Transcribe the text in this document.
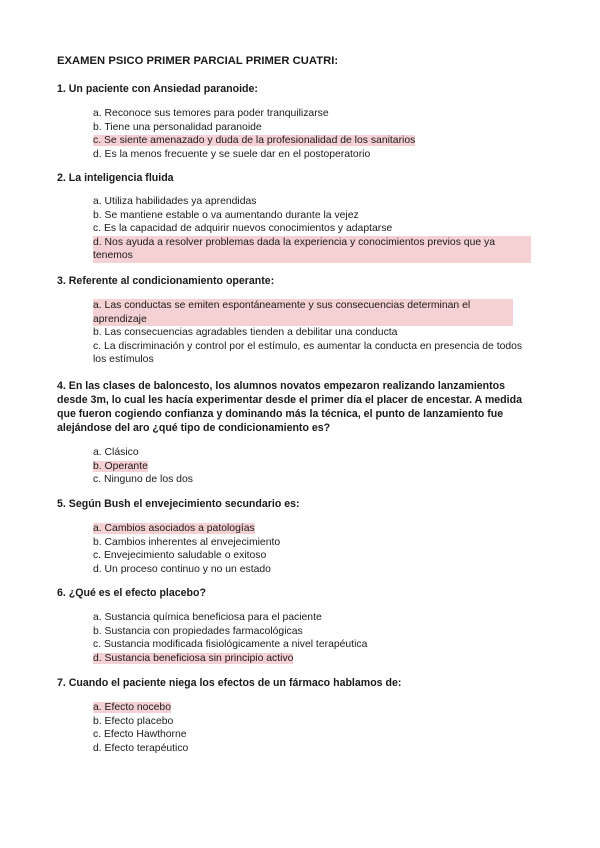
EXAMEN PSICO PRIMER PARCIAL PRIMER CUATRI:

1. Un paciente con Ansiedad paranoide:

a. Reconoce sus temores para poder tranquilizarse
b. Tiene una personalidad paranoide
c. Se siente amenazado y duda de la profesionalidad de los sanitarios
d. Es la menos frecuente y se suele dar en el postoperatorio

2. La inteligencia fluida

a. Utiliza habilidades ya aprendidas
b. Se mantiene estable o va aumentando durante la vejez
c. Es la capacidad de adquirir nuevos conocimientos y adaptarse
d. Nos ayuda a resolver problemas dada la experiencia y conocimientos previos que ya tenemos

3. Referente al condicionamiento operante:

a. Las conductas se emiten espontáneamente y sus consecuencias determinan el aprendizaje
b. Las consecuencias agradables tienden a debilitar una conducta
c. La discriminación y control por el estímulo, es aumentar la conducta en presencia de todos los estímulos

4. En las clases de baloncesto, los alumnos novatos empezaron realizando lanzamientos desde 3m, lo cual les hacía experimentar desde el primer día el placer de encestar. A medida que fueron cogiendo confianza y dominando más la técnica, el punto de lanzamiento fue alejándose del aro ¿qué tipo de condicionamiento es?

a. Clásico
b. Operante
c. Ninguno de los dos

5. Según Bush el envejecimiento secundario es:

a. Cambios asociados a patologías
b. Cambios inherentes al envejecimiento
c. Envejecimiento saludable o exitoso
d. Un proceso continuo y no un estado

6. ¿Qué es el efecto placebo?

a. Sustancia química beneficiosa para el paciente
b. Sustancia con propiedades farmacológicas
c. Sustancia modificada fisiológicamente a nivel terapéutica
d. Sustancia beneficiosa sin principio activo

7. Cuando el paciente niega los efectos de un fármaco hablamos de:

a. Efecto nocebo
b. Efecto placebo
c. Efecto Hawthorne
d. Efecto terapéutico
